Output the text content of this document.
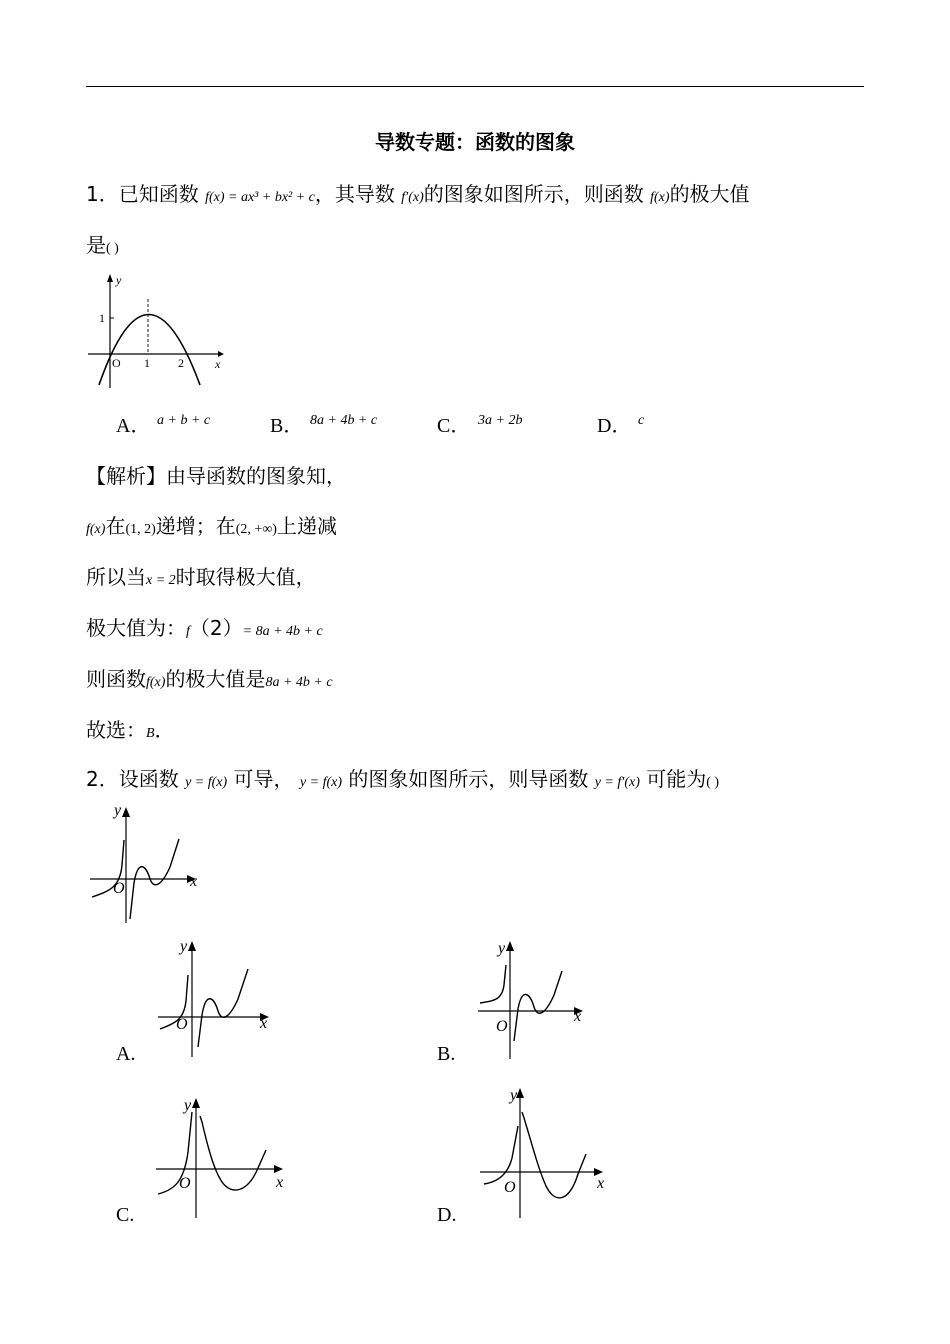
导数专题：函数的图象
1．已知函数 f(x) = ax³ + bx² + c，其导数 f′(x)的图象如图所示，则函数 f(x)的极大值
是( )
y
x
O
1
1 2
A． a + b + c	B． 8a + 4b + c	C． 3a + 2b	D． c
【解析】由导函数的图象知，
f(x)在(1, 2)递增；在(2, +∞)上递减
所以当x = 2时取得极大值，
极大值为：f（2）= 8a + 4b + c
则函数f(x)的极大值是8a + 4b + c
故选：B．
2．设函数 y = f(x) 可导， y = f(x) 的图象如图所示，则导函数 y = f′(x) 可能为( )
y
x
O
y
x
O
A.
y
x
O
B.
y
x
O
C.
y
x
O
D.
